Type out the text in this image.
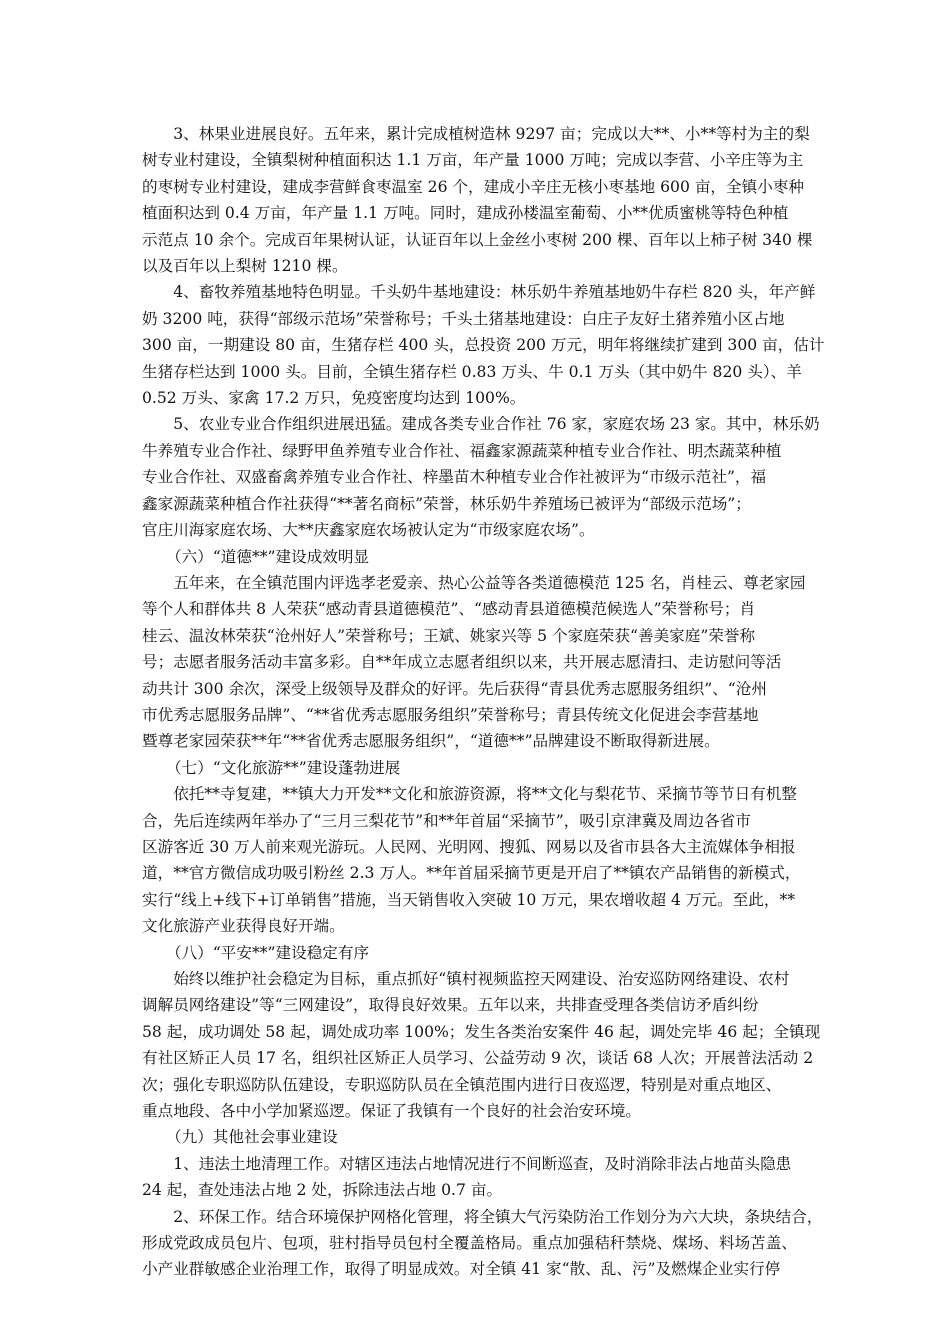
3、林果业进展良好。五年来，累计完成植树造林 9297 亩；完成以大**、小**等村为主的梨
树专业村建设，全镇梨树种植面积达 1.1 万亩，年产量 1000 万吨；完成以李营、小辛庄等为主
的枣树专业村建设，建成李营鲜食枣温室 26 个，建成小辛庄无核小枣基地 600 亩，全镇小枣种
植面积达到 0.4 万亩，年产量 1.1 万吨。同时，建成孙楼温室葡萄、小**优质蜜桃等特色种植
示范点 10 余个。完成百年果树认证，认证百年以上金丝小枣树 200 棵、百年以上柿子树 340 棵
以及百年以上梨树 1210 棵。
4、畜牧养殖基地特色明显。千头奶牛基地建设：林乐奶牛养殖基地奶牛存栏 820 头，年产鲜
奶 3200 吨，获得“部级示范场”荣誉称号；千头土猪基地建设：白庄子友好土猪养殖小区占地
300 亩，一期建设 80 亩，生猪存栏 400 头，总投资 200 万元，明年将继续扩建到 300 亩，估计
生猪存栏达到 1000 头。目前，全镇生猪存栏 0.83 万头、牛 0.1 万头（其中奶牛 820 头）、羊
0.52 万头、家禽 17.2 万只，免疫密度均达到 100%。
5、农业专业合作组织进展迅猛。建成各类专业合作社 76 家，家庭农场 23 家。其中，林乐奶
牛养殖专业合作社、绿野甲鱼养殖专业合作社、福鑫家源蔬菜种植专业合作社、明杰蔬菜种植
专业合作社、双盛畜禽养殖专业合作社、梓墨苗木种植专业合作社被评为“市级示范社”，福
鑫家源蔬菜种植合作社获得“**著名商标”荣誉，林乐奶牛养殖场已被评为“部级示范场”；
官庄川海家庭农场、大**庆鑫家庭农场被认定为“市级家庭农场”。
（六）“道德**”建设成效明显
五年来，在全镇范围内评选孝老爱亲、热心公益等各类道德模范 125 名，肖桂云、尊老家园
等个人和群体共 8 人荣获“感动青县道德模范”、“感动青县道德模范候选人”荣誉称号；肖
桂云、温汝林荣获“沧州好人”荣誉称号；王斌、姚家兴等 5 个家庭荣获“善美家庭”荣誉称
号；志愿者服务活动丰富多彩。自**年成立志愿者组织以来，共开展志愿清扫、走访慰问等活
动共计 300 余次，深受上级领导及群众的好评。先后获得“青县优秀志愿服务组织”、“沧州
市优秀志愿服务品牌”、“**省优秀志愿服务组织”荣誉称号；青县传统文化促进会李营基地
暨尊老家园荣获**年“**省优秀志愿服务组织”，“道德**”品牌建设不断取得新进展。
（七）“文化旅游**”建设蓬勃进展
依托**寺复建，**镇大力开发**文化和旅游资源，将**文化与梨花节、采摘节等节日有机整
合，先后连续两年举办了“三月三梨花节”和**年首届“采摘节”，吸引京津冀及周边各省市
区游客近 30 万人前来观光游玩。人民网、光明网、搜狐、网易以及省市县各大主流媒体争相报
道，**官方微信成功吸引粉丝 2.3 万人。**年首届采摘节更是开启了**镇农产品销售的新模式，
实行“线上+线下+订单销售”措施，当天销售收入突破 10 万元，果农增收超 4 万元。至此，**
文化旅游产业获得良好开端。
（八）“平安**”建设稳定有序
始终以维护社会稳定为目标，重点抓好“镇村视频监控天网建设、治安巡防网络建设、农村
调解员网络建设”等“三网建设”，取得良好效果。五年以来，共排查受理各类信访矛盾纠纷
58 起，成功调处 58 起，调处成功率 100%；发生各类治安案件 46 起，调处完毕 46 起；全镇现
有社区矫正人员 17 名，组织社区矫正人员学习、公益劳动 9 次，谈话 68 人次；开展普法活动 2
次；强化专职巡防队伍建设，专职巡防队员在全镇范围内进行日夜巡逻，特别是对重点地区、
重点地段、各中小学加紧巡逻。保证了我镇有一个良好的社会治安环境。
（九）其他社会事业建设
1、违法土地清理工作。对辖区违法占地情况进行不间断巡查，及时消除非法占地苗头隐患
24 起，查处违法占地 2 处，拆除违法占地 0.7 亩。
2、环保工作。结合环境保护网格化管理，将全镇大气污染防治工作划分为六大块，条块结合，
形成党政成员包片、包项，驻村指导员包村全覆盖格局。重点加强秸秆禁烧、煤场、料场苫盖、
小产业群敏感企业治理工作，取得了明显成效。对全镇 41 家“散、乱、污”及燃煤企业实行停
